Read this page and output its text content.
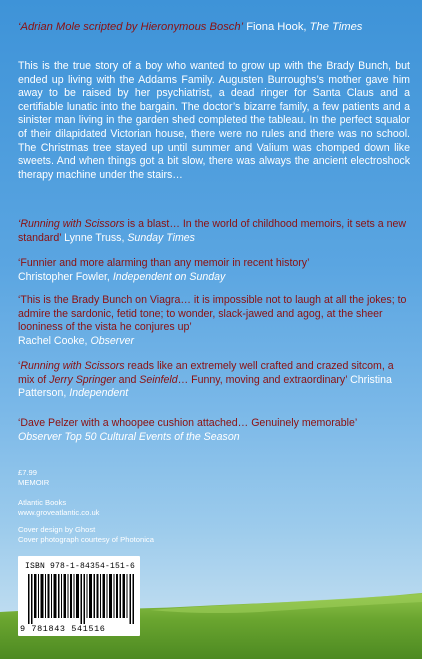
‘Adrian Mole scripted by Hieronymous Bosch’ Fiona Hook, The Times

This is the true story of a boy who wanted to grow up with the Brady Bunch, but ended up living with the Addams Family. Augusten Burroughs’s mother gave him away to be raised by her psychiatrist, a dead ringer for Santa Claus and a certifiable lunatic into the bargain. The doctor’s bizarre family, a few patients and a sinister man living in the garden shed completed the tableau. In the perfect squalor of their dilapidated Victorian house, there were no rules and there was no school. The Christmas tree stayed up until summer and Valium was chomped down like sweets. And when things got a bit slow, there was always the ancient electroshock therapy machine under the stairs…

‘Running with Scissors is a blast… In the world of childhood memoirs, it sets a new standard’ Lynne Truss, Sunday Times
‘Funnier and more alarming than any memoir in recent history’
Christopher Fowler, Independent on Sunday
‘This is the Brady Bunch on Viagra… it is impossible not to laugh at all the jokes; to admire the sardonic, fetid tone; to wonder, slack-jawed and agog, at the sheer looniness of the vista he conjures up’
Rachel Cooke, Observer
‘Running with Scissors reads like an extremely well crafted and crazed sitcom, a mix of Jerry Springer and Seinfeld… Funny, moving and extraordinary’ Christina Patterson, Independent
‘Dave Pelzer with a whoopee cushion attached… Genuinely memorable’
Observer Top 50 Cultural Events of the Season
£7.99
MEMOIR
Atlantic Books
www.groveatlantic.co.uk
Cover design by Ghost
Cover photograph courtesy of Photonica
ISBN 978-1-84354-151-6
9 781843 541516
